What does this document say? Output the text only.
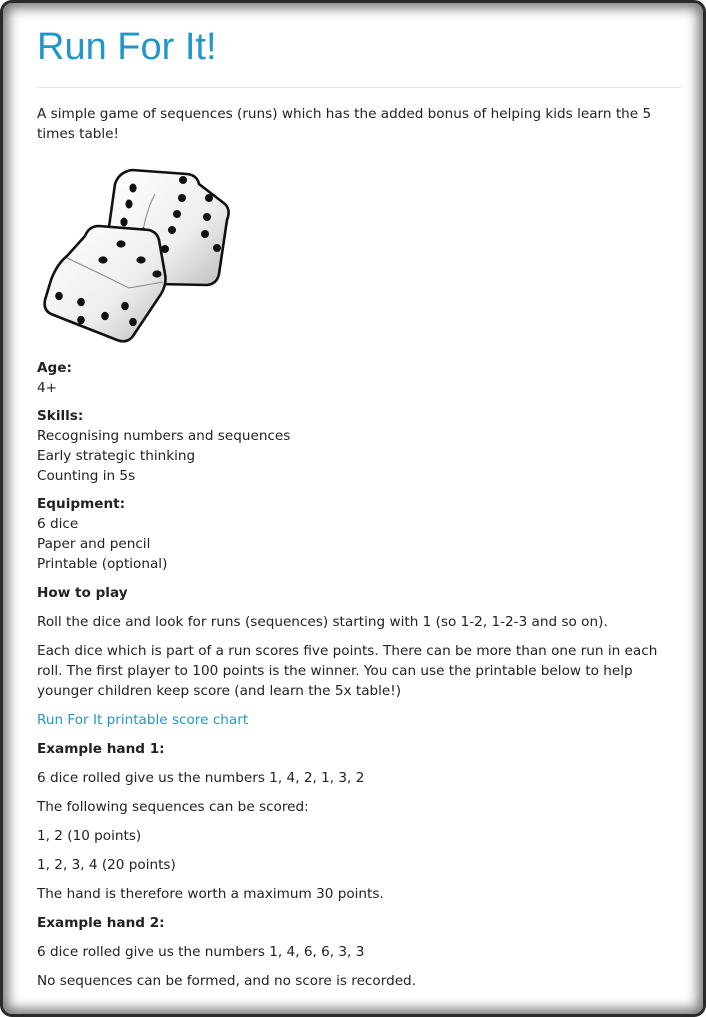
Run For It!
A simple game of sequences (runs) which has the added bonus of helping kids learn the 5 times table!
Age:
4+
Skills:
Recognising numbers and sequences
Early strategic thinking
Counting in 5s
Equipment:
6 dice
Paper and pencil
Printable (optional)

How to play

Roll the dice and look for runs (sequences) starting with 1 (so 1-2, 1-2-3 and so on).

Each dice which is part of a run scores five points. There can be more than one run in each roll. The first player to 100 points is the winner. You can use the printable below to help younger children keep score (and learn the 5x table!)

Run For It printable score chart

Example hand 1:

6 dice rolled give us the numbers 1, 4, 2, 1, 3, 2

The following sequences can be scored:

1, 2 (10 points)

1, 2, 3, 4 (20 points)

The hand is therefore worth a maximum 30 points.

Example hand 2:

6 dice rolled give us the numbers 1, 4, 6, 6, 3, 3

No sequences can be formed, and no score is recorded.
